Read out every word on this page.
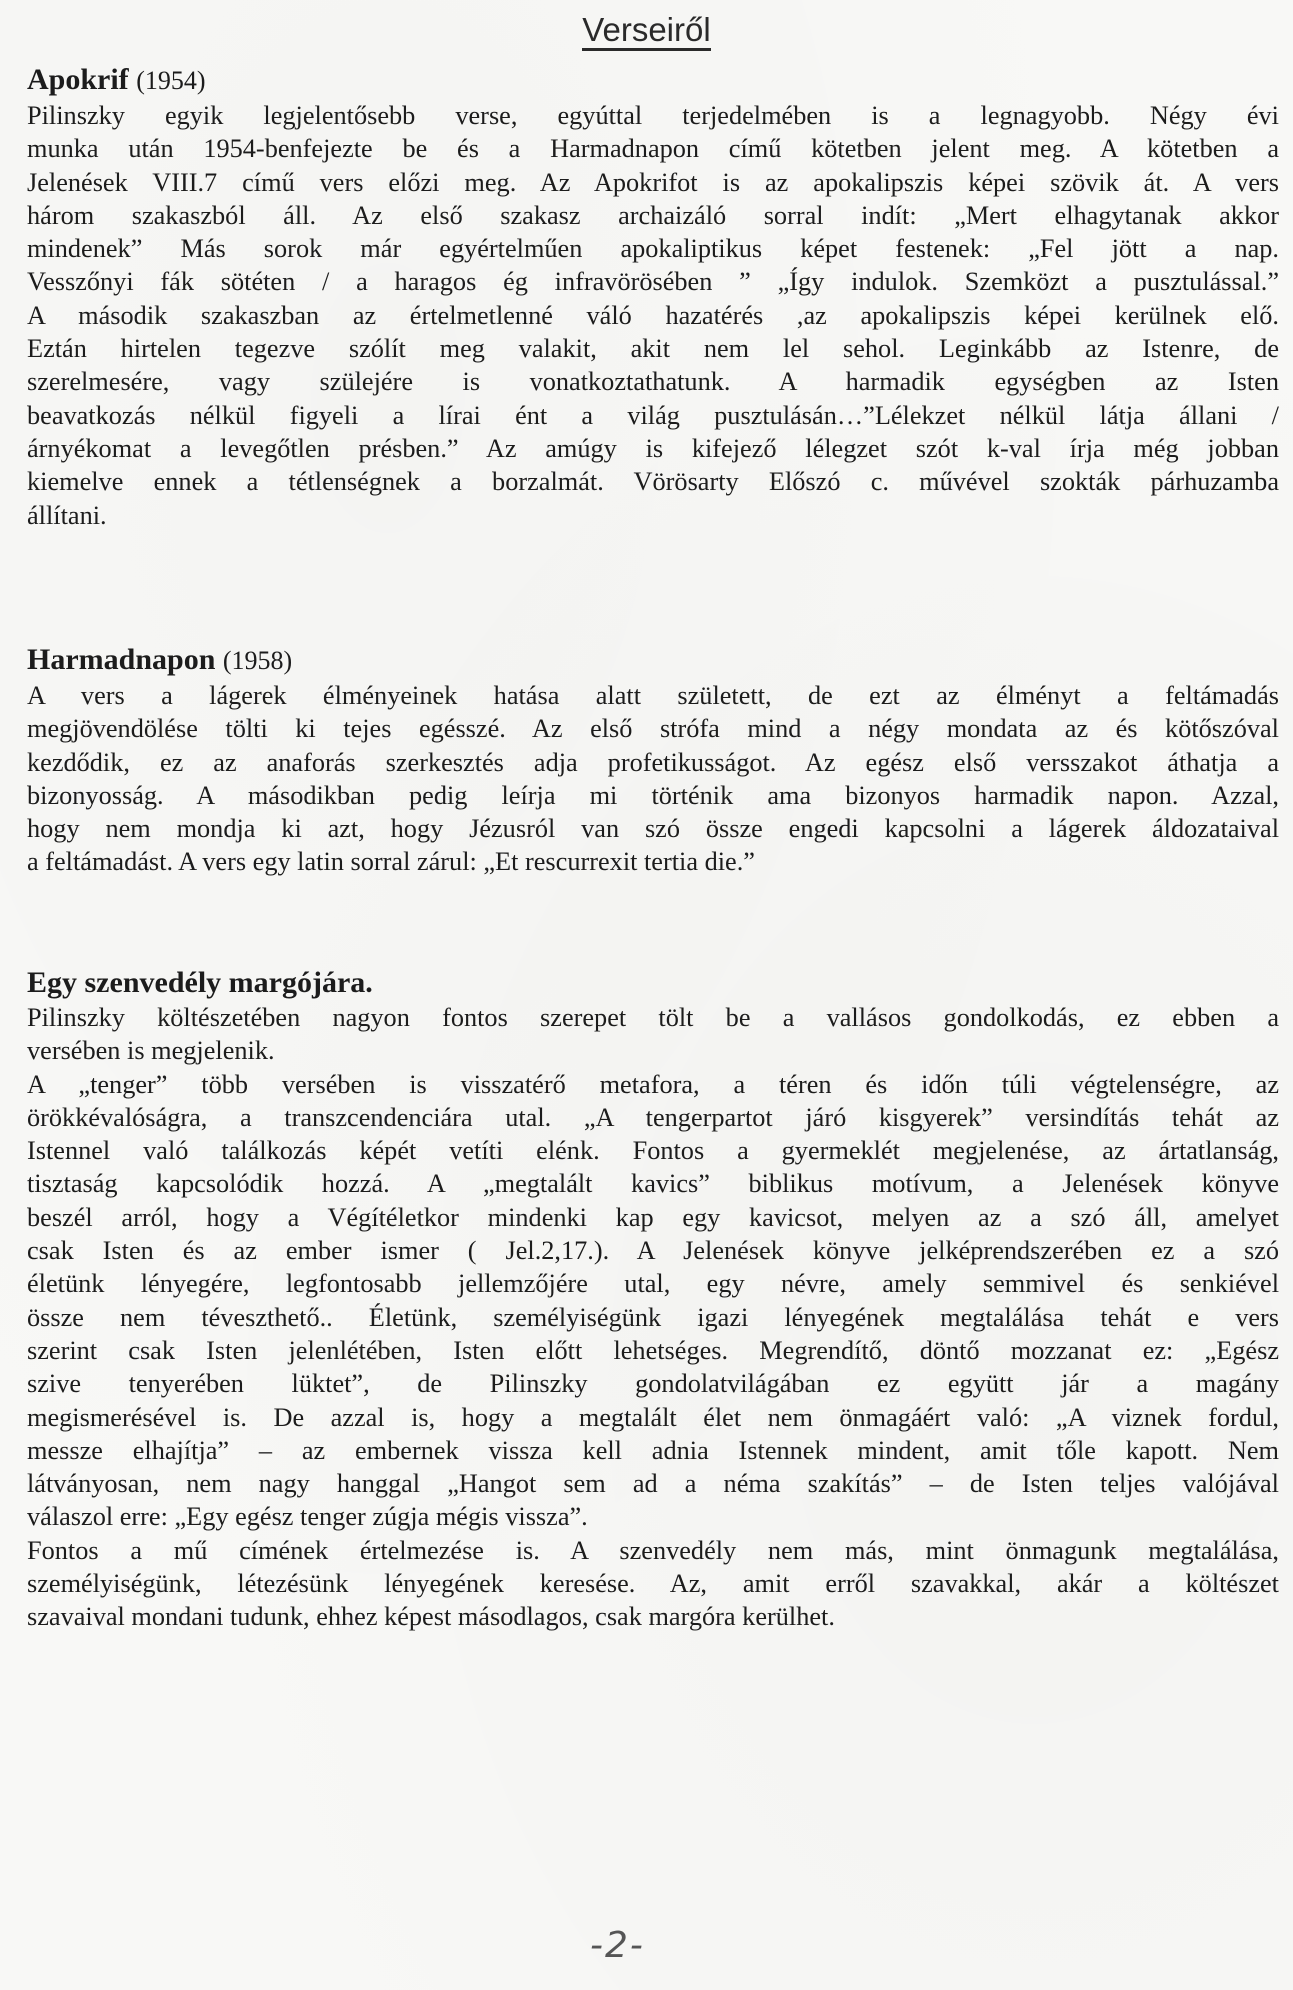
Verseiről
Apokrif (1954)
Pilinszky egyik legjelentősebb verse, egyúttal terjedelmében is a legnagyobb. Négy évi
munka után 1954-benfejezte be és a Harmadnapon című kötetben jelent meg. A kötetben a
Jelenések VIII.7 című vers előzi meg. Az Apokrifot is az apokalipszis képei szövik át. A vers
három szakaszból áll. Az első szakasz archaizáló sorral indít: „Mert elhagytanak akkor
mindenek” Más sorok már egyértelműen apokaliptikus képet festenek: „Fel jött a nap.
Vesszőnyi fák sötéten / a haragos ég infravörösében ” „Így indulok. Szemközt a pusztulással.”
A második szakaszban az értelmetlenné váló hazatérés ,az apokalipszis képei kerülnek elő.
Eztán hirtelen tegezve szólít meg valakit, akit nem lel sehol. Leginkább az Istenre, de
szerelmesére, vagy szülejére is vonatkoztathatunk. A harmadik egységben az Isten
beavatkozás nélkül figyeli a lírai ént a világ pusztulásán…”Lélekzet nélkül látja állani /
árnyékomat a levegőtlen présben.” Az amúgy is kifejező lélegzet szót k-val írja még jobban
kiemelve ennek a tétlenségnek a borzalmát. Vörösarty Előszó c. művével szokták párhuzamba
állítani.
Harmadnapon (1958)
A vers a lágerek élményeinek hatása alatt született, de ezt az élményt a feltámadás
megjövendölése tölti ki tejes egésszé. Az első strófa mind a négy mondata az és kötőszóval
kezdődik, ez az anaforás szerkesztés adja profetikusságot. Az egész első versszakot áthatja a
bizonyosság. A másodikban pedig leírja mi történik ama bizonyos harmadik napon. Azzal,
hogy nem mondja ki azt, hogy Jézusról van szó össze engedi kapcsolni a lágerek áldozataival
a feltámadást. A vers egy latin sorral zárul: „Et rescurrexit tertia die.”
Egy szenvedély margójára.
Pilinszky költészetében nagyon fontos szerepet tölt be a vallásos gondolkodás, ez ebben a
versében is megjelenik.
A „tenger” több versében is visszatérő metafora, a téren és időn túli végtelenségre, az
örökkévalóságra, a transzcendenciára utal. „A tengerpartot járó kisgyerek” versindítás tehát az
Istennel való találkozás képét vetíti elénk. Fontos a gyermeklét megjelenése, az ártatlanság,
tisztaság kapcsolódik hozzá. A „megtalált kavics” biblikus motívum, a Jelenések könyve
beszél arról, hogy a Végítéletkor mindenki kap egy kavicsot, melyen az a szó áll, amelyet
csak Isten és az ember ismer ( Jel.2,17.). A Jelenések könyve jelképrendszerében ez a szó
életünk lényegére, legfontosabb jellemzőjére utal, egy névre, amely semmivel és senkiével
össze nem téveszthető.. Életünk, személyiségünk igazi lényegének megtalálása tehát e vers
szerint csak Isten jelenlétében, Isten előtt lehetséges. Megrendítő, döntő mozzanat ez: „Egész
szive tenyerében lüktet”, de Pilinszky gondolatvilágában ez együtt jár a magány
megismerésével is. De azzal is, hogy a megtalált élet nem önmagáért való: „A viznek fordul,
messze elhajítja” – az embernek vissza kell adnia Istennek mindent, amit tőle kapott. Nem
látványosan, nem nagy hanggal „Hangot sem ad a néma szakítás” – de Isten teljes valójával
válaszol erre: „Egy egész tenger zúgja mégis vissza”.
Fontos a mű címének értelmezése is. A szenvedély nem más, mint önmagunk megtalálása,
személyiségünk, létezésünk lényegének keresése. Az, amit erről szavakkal, akár a költészet
szavaival mondani tudunk, ehhez képest másodlagos, csak margóra kerülhet.
-2-
